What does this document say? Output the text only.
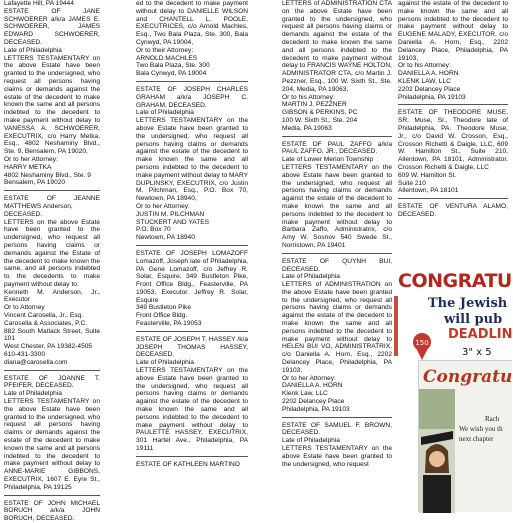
Lafayette Hill, PA 19444
ESTATE OF JANE SCHWOERER a/k/a JAMES E. SCHWOERER, JAMES EDWARD SCHWOERER, DECEASED.
Late of Philadelphia
LETTERS TESTAMENTARY on the above Estate have been granted to the undersigned, who request all persons having claims or demands against the estate of the decedent to make known the same and all persons indebted to the decedent to make payment without delay to VANESSA A. SCHWOERER, EXECUTRIX, c/o Harry Metka, Esq., 4802 Neshaminy Blvd., Ste. 9, Bensalem, PA 19020,
Or to her Attorney:
HARRY METKA
4802 Neshaminy Blvd., Ste. 9
Bensalem, PA 19020

ESTATE OF JEANNE MATTHEWS Anderson,
DECEASED.
LETTERS on the above Estate have been granted to the undersigned, who request all persons having claims or demands against the Estate of the decedent to make known the same, and all persons indebted to the decedents to make payment without delay to:
Kenneth M. Anderson, Jr., Executor
Or to Attorney
Vincent Carosella, Jr., Esq.
Carosella & Associates, P.C.
882 South Matlack Street, Suite 101
West Chester, PA 19382-4505
610-431-3300
diana@carosella.com

ESTATE OF JOANNE T. PFEIFER, DECEASED.
Late of Philadelphia
LETTERS TESTAMENTARY on the above Estate have been granted to the undersigned, who request all persons having claims or demands against the estate of the decedent to make known the same and all persons indebted to the decedent to make payment without delay to ANNE-MARIE GIBBONS, EXECUTRIX, 1607 E. Eyre St., Philadelphia, PA 19125

ESTATE OF JOHN MICHAEL BORUCH a/k/a JOHN BORUCH, DECEASED.

ed to the decedent to make payment without delay to DANIELLE WILSON and CHANTELL L. POOLE, EXECUTRICES, c/o Arnold Machles, Esq., Two Bala Plaza, Ste. 300, Bala Cynwyd, PA 19004,
Or to their Attorney:
ARNOLD MACHLES
Two Bala Plaza, Ste. 300
Bala Cynwyd, PA 19004

ESTATE OF JOSEPH CHARLES GRAHAM a/k/a JOSEPH C. GRAHAM, DECEASED.
Late of Philadelphia
LETTERS TESTAMENTARY on the above Estate have been granted to the undersigned, who request all persons having claims or demands against the estate of the decedent to make known the same and all persons indebted to the decedent to make payment without delay to MARY DUPLINSKY, EXECUTRIX, c/o Justin M. Pilchman, Esq., P.O. Box 70, Newtown, PA 18940,
Or to her Attorney:
JUSTIN M. PILCHMAN
STUCKERT AND YATES
P.O. Box 70
Newtown, PA 18940

ESTATE OF JOSEPH LOMAZOFF Lomazoff, Joseph late of Philadelphia, PA Gene Lomazoff, c/o Jeffrey R. Solar, Esquire, 349 Bustleton Pike, Front Office Bldg., Feasterville, PA 19053, Executor. Jeffrey R. Solar, Esquire
349 Bustleton Pike
Front Office Bldg.
Feasterville, PA 19053

ESTATE OF JOSEPH T. HASSEY /k/a JOSEPH THOMAS HASSEY, DECEASED.
Late of Philadelphia
LETTERS TESTAMENTARY on the above Estate have been granted to the undersigned, who request all persons having claims or demands against the estate of the decedent to make known the same and all persons indebted to the decedent to make payment without delay to PAULETTE HASSEY, EXECUTRIX, 301 Hartel Ave., Philadelphia, PA 19111

ESTATE OF KATHLEEN MARTINO

LETTERS of ADMINISTRATION CTA on the above Estate have been granted to the undersigned, who request all persons having claims or demands against the estate of the decedent to make known the same and all persons indebted to the decedent to make payment without delay to FRANCIS WAYNE HOLTON, ADMINISTRATOR CTA, c/o Martin J. Pezzner, Esq., 100 W. Sixth St., Ste. 204, Media, PA 19063,
Or to his Attorney:
MARTIN J. PEZZNER
GIBSON & PERKINS, PC
100 W. Sixth St., Ste. 204
Media, PA 19063

ESTATE OF PAUL ZAFFO a/k/a PAUL ZAFFO, JR., DECEASED.
Late of Lower Merion Township
LETTERS TESTAMENTARY on the above Estate have been granted to the undersigned, who request all persons having claims or demands against the estate of the decedent to make known the same and all persons indebted to the decedent to make payment without delay to Barbara Zaffo, Administratrix, c/o Amy W. Sosnov 540 Swede St., Norristown, PA 19401

ESTATE OF QUYNH BUI, DECEASED.
Late of Philadelphia
LETTERS of ADMINISTRATION on the above Estate have been granted to the undersigned, who request all persons having claims or demands against the estate of the decedent to make known the same and all persons indebted to the decedent to make payment without delay to HELEN BUI VO, ADMINISTRATRIX, c/o Daniella A. Horn, Esq., 2202 Delancey Place, Philadelphia, PA 19103,
Or to her Attorney:
DANIELLA A. HORN
Klenk Law, LLC
2202 Delancey Place
Philadelphia, PA 19103

ESTATE OF SAMUEL F. BROWN, DECEASED.
Late of Philadelphia
LETTERS TESTAMENTARY on the above Estate have been granted to the undersigned, who request

against the estate of the decedent to make known the same and all persons indebted to the decedent to make payment without delay to EUGENE MALADY, EXECUTOR, c/o Daniella A. Horn, Esq., 2202 Delancey Place, Philadelphia, PA 19103,
Or to his Attorney:
DANIELLA A. HORN
KLENK LAW, LLC
2202 Delancey Place
Philadelphia, PA 19103

ESTATE OF THEODORE MUSE, SR. Muse, Sr., Theodore late of Philadelphia, PA. Theodore Muse, Jr., c/o David W. Crosson, Esq., Crosson Richetti & Daigle, LLC, 609 W. Hamilton St., Suite 210, Allentown, PA 18101, Administrator. Crosson Richetti & Daigle, LLC
609 W. Hamilton St.
Suite 210
Allentown, PA 18101

ESTATE OF VENTURA ALAMO, DECEASED.

CONGRATU
The Jewish
will pub
DEADLIN
150
3" x 5
Congratu
Rach
We wish you th
next chapter
